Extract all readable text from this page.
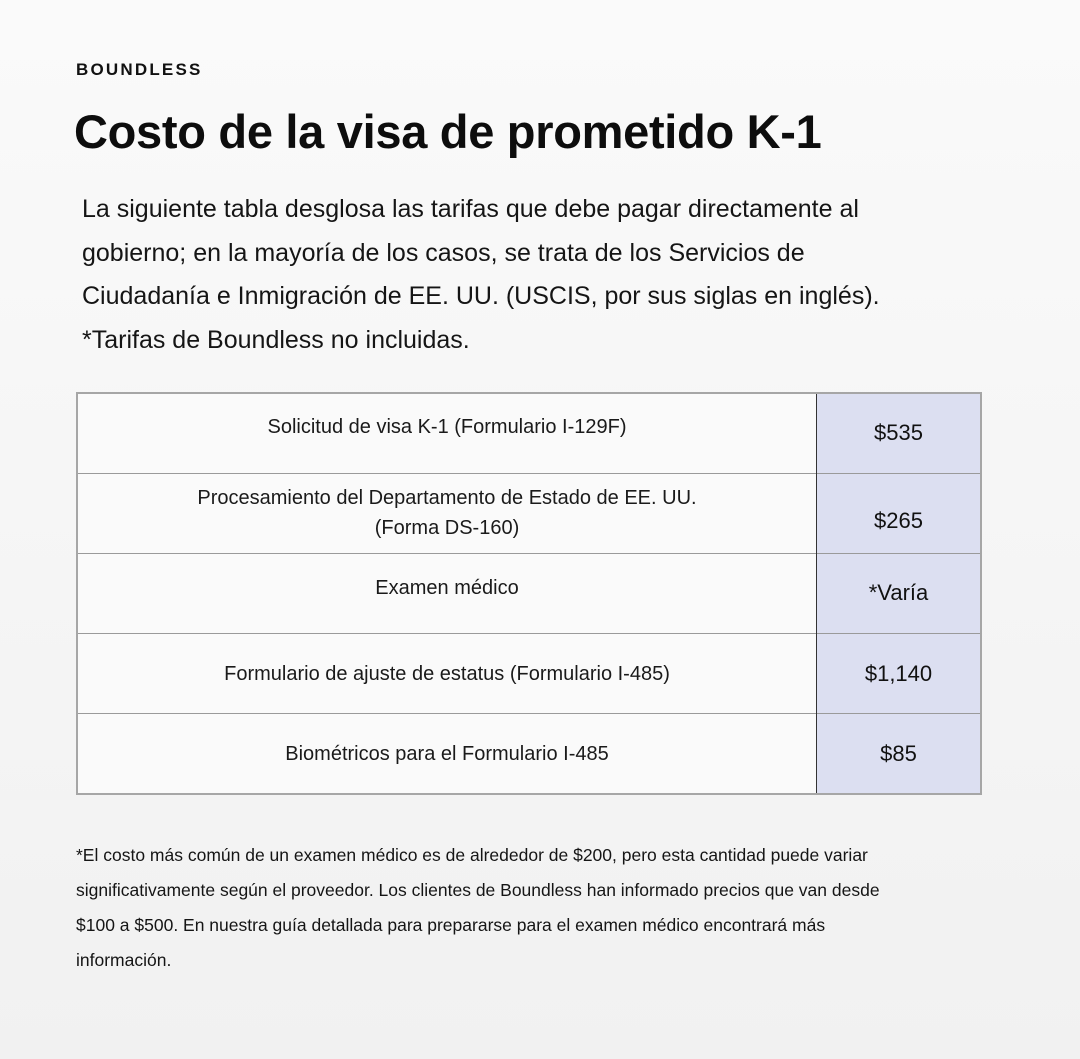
BOUNDLESS
Costo de la visa de prometido K-1

La siguiente tabla desglosa las tarifas que debe pagar directamente al

gobierno; en la mayoría de los casos, se trata de los Servicios de

Ciudadanía e Inmigración de EE. UU. (USCIS, por sus siglas en inglés).

*Tarifas de Boundless no incluidas.

Solicitud de visa K-1 (Formulario I-129F)	$535
Procesamiento del Departamento de Estado de EE. UU.
(Forma DS-160)	$265
Examen médico	*Varía
Formulario de ajuste de estatus (Formulario I-485)	$1,140
Biométricos para el Formulario I-485	$85

*El costo más común de un examen médico es de alrededor de $200, pero esta cantidad puede variar

significativamente según el proveedor. Los clientes de Boundless han informado precios que van desde

$100 a $500. En nuestra guía detallada para prepararse para el examen médico encontrará más

información.
